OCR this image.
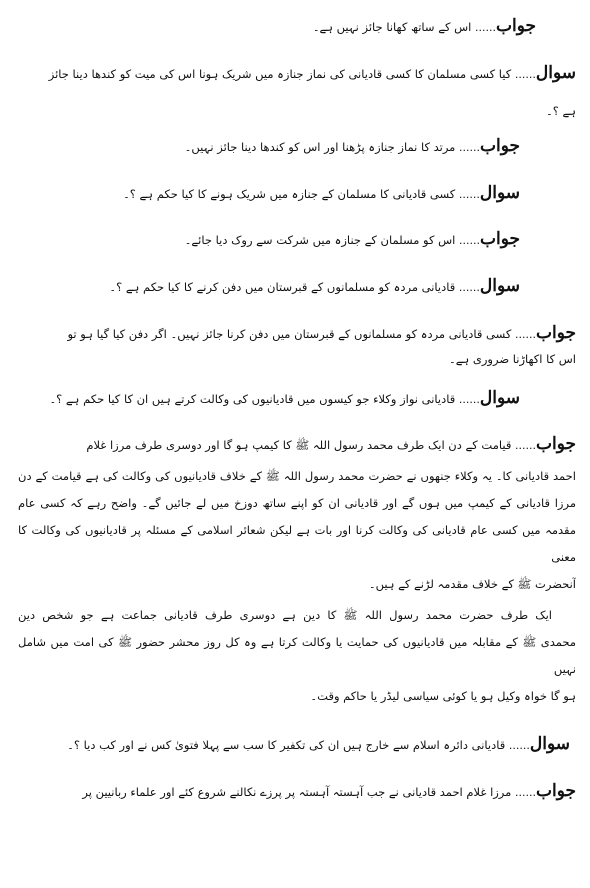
جواب...... اس کے ساتھ کھانا جائز نہیں ہے۔

سوال...... کیا کسی مسلمان کا کسی قادیانی کی نماز جنازہ میں شریک ہونا اس کی میت کو کندھا دینا جائز

ہے ؟۔

جواب...... مرتد کا نماز جنازہ پڑھنا اور اس کو کندھا دینا جائز نہیں۔

سوال...... کسی قادیانی کا مسلمان کے جنازہ میں شریک ہونے کا کیا حکم ہے ؟۔

جواب...... اس کو مسلمان کے جنازہ میں شرکت سے روک دیا جائے۔

سوال...... قادیانی مردہ کو مسلمانوں کے قبرستان میں دفن کرنے کا کیا حکم ہے ؟۔

جواب...... کسی قادیانی مردہ کو مسلمانوں کے قبرستان میں دفن کرنا جائز نہیں۔ اگر دفن کیا گیا ہو تو

اس کا اکھاڑنا ضروری ہے۔

سوال...... قادیانی نواز وکلاء جو کیسوں میں قادیانیوں کی وکالت کرتے ہیں ان کا کیا حکم ہے ؟۔

جواب...... قیامت کے دن ایک طرف محمد رسول اللہ ﷺ کا کیمپ ہو گا اور دوسری طرف مرزا غلام

احمد قادیانی کا۔ یہ وکلاء جنھوں نے حضرت محمد رسول اللہ ﷺ کے خلاف قادیانیوں کی وکالت کی ہے قیامت کے دن

مرزا قادیانی کے کیمپ میں ہوں گے اور قادیانی ان کو اپنے ساتھ دوزخ میں لے جائیں گے۔ واضح رہے کہ کسی عام

مقدمہ میں کسی عام قادیانی کی وکالت کرنا اور بات ہے لیکن شعائر اسلامی کے مسئلہ پر قادیانیوں کی وکالت کا معنی

آنحضرت ﷺ کے خلاف مقدمہ لڑنے کے ہیں۔

ایک طرف حضرت محمد رسول اللہ ﷺ کا دین ہے دوسری طرف قادیانی جماعت ہے جو شخص دین

محمدی ﷺ کے مقابلہ میں قادیانیوں کی حمایت یا وکالت کرتا ہے وہ کل روز محشر حضور ﷺ کی امت میں شامل نہیں

ہو گا خواہ وکیل ہو یا کوئی سیاسی لیڈر یا حاکم وقت۔

سوال...... قادیانی دائرہ اسلام سے خارج ہیں ان کی تکفیر کا سب سے پہلا فتویٰ کس نے اور کب دیا ؟۔

جواب...... مرزا غلام احمد قادیانی نے جب آہستہ آہستہ پر پرزے نکالنے شروع کئے اور علماء ربانیین پر
